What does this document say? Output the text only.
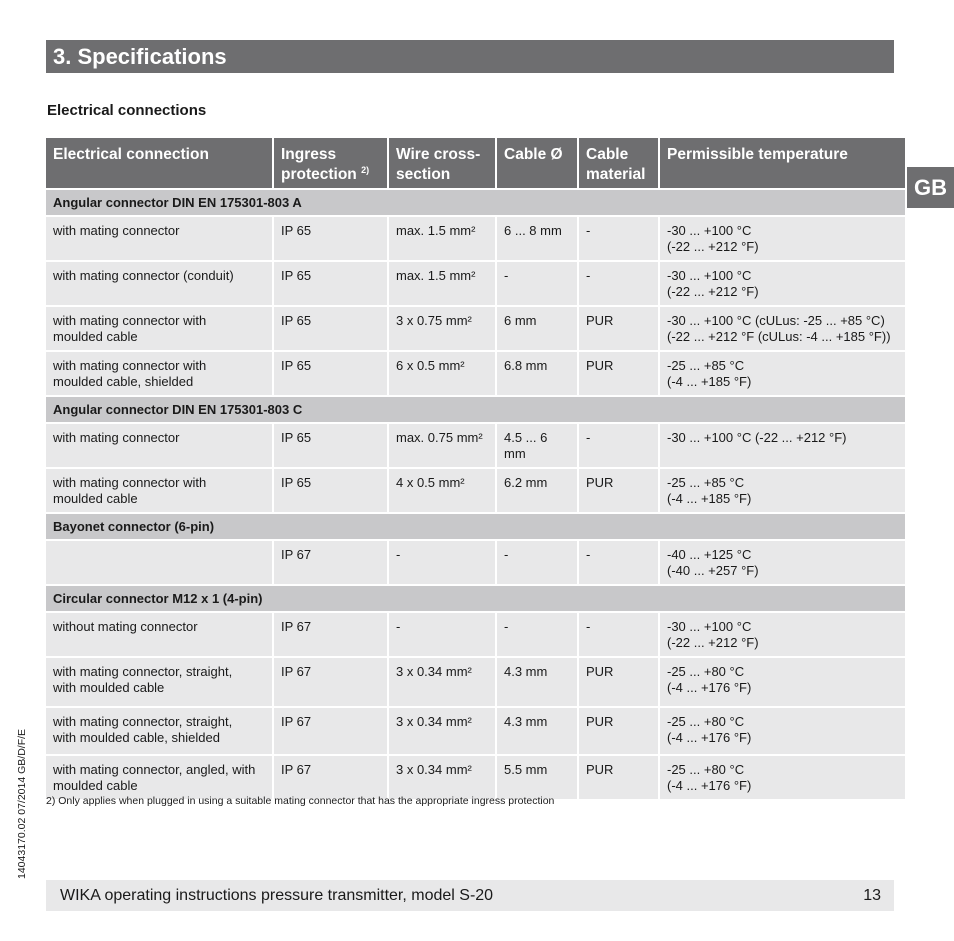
3. Specifications
Electrical connections
GB
Electrical connection	Ingress protection $^{2)}$	Wire cross-section	Cable Ø	Cable material	Permissible temperature
Angular connector DIN EN 175301-803 A					
with mating connector	IP 65	max. 1.5 mm²	6 ... 8 mm	-	-30 ... +100 °C
(-22 ... +212 °F)
with mating connector (conduit)	IP 65	max. 1.5 mm²	-	-	-30 ... +100 °C
(-22 ... +212 °F)
with mating connector with
moulded cable	IP 65	3 x 0.75 mm²	6 mm	PUR	-30 ... +100 °C (cULus: -25 ... +85 °C)
(-22 ... +212 °F (cULus: -4 ... +185 °F))
with mating connector with
moulded cable, shielded	IP 65	6 x 0.5 mm²	6.8 mm	PUR	-25 ... +85 °C
(-4 ... +185 °F)
Angular connector DIN EN 175301-803 C					
with mating connector	IP 65	max. 0.75 mm²	4.5 ... 6
mm	-	-30 ... +100 °C (-22 ... +212 °F)
with mating connector with
moulded cable	IP 65	4 x 0.5 mm²	6.2 mm	PUR	-25 ... +85 °C
(-4 ... +185 °F)
Bayonet connector (6-pin)					
	IP 67	-	-	-	-40 ... +125 °C
(-40 ... +257 °F)
Circular connector M12 x 1 (4-pin)					
without mating connector	IP 67	-	-	-	-30 ... +100 °C
(-22 ... +212 °F)
with mating connector, straight,
with moulded cable	IP 67	3 x 0.34 mm²	4.3 mm	PUR	-25 ... +80 °C
(-4 ... +176 °F)
with mating connector, straight,
with moulded cable, shielded	IP 67	3 x 0.34 mm²	4.3 mm	PUR	-25 ... +80 °C
(-4 ... +176 °F)
with mating connector, angled, with
moulded cable	IP 67	3 x 0.34 mm²	5.5 mm	PUR	-25 ... +80 °C
(-4 ... +176 °F)
2) Only applies when plugged in using a suitable mating connector that has the appropriate ingress protection
14043170.02 07/2014 GB/D/F/E
WIKA operating instructions pressure transmitter, model S-20	13
